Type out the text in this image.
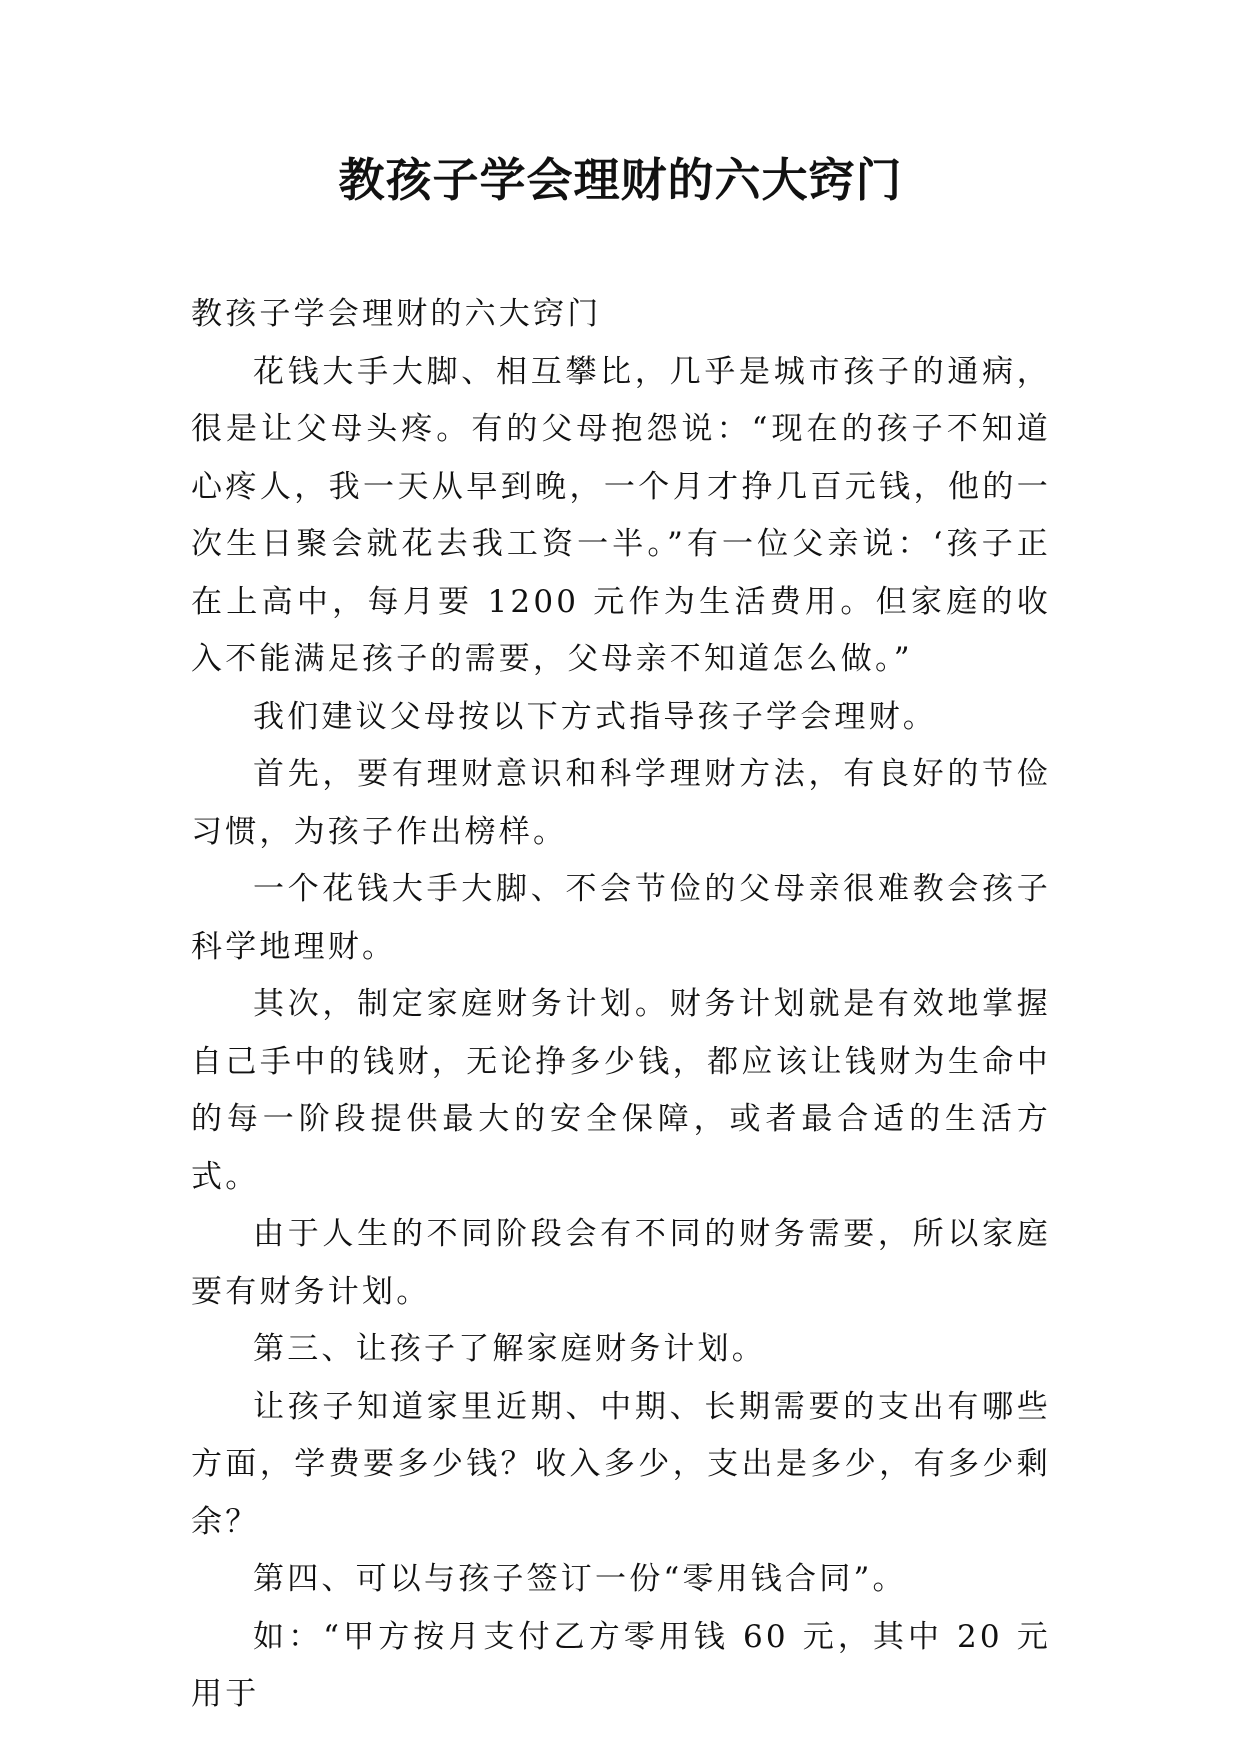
教孩子学会理财的六大窍门

教孩子学会理财的六大窍门

花钱大手大脚、相互攀比，几乎是城市孩子的通病，很是让父母头疼。有的父母抱怨说：“现在的孩子不知道心疼人，我一天从早到晚，一个月才挣几百元钱，他的一次生日聚会就花去我工资一半。”有一位父亲说：‘孩子正在上高中，每月要 1200 元作为生活费用。但家庭的收入不能满足孩子的需要，父母亲不知道怎么做。”

我们建议父母按以下方式指导孩子学会理财。

首先，要有理财意识和科学理财方法，有良好的节俭习惯，为孩子作出榜样。

一个花钱大手大脚、不会节俭的父母亲很难教会孩子科学地理财。

其次，制定家庭财务计划。财务计划就是有效地掌握自己手中的钱财，无论挣多少钱，都应该让钱财为生命中的每一阶段提供最大的安全保障，或者最合适的生活方式。

由于人生的不同阶段会有不同的财务需要，所以家庭要有财务计划。

第三、让孩子了解家庭财务计划。

让孩子知道家里近期、中期、长期需要的支出有哪些方面，学费要多少钱？收入多少，支出是多少，有多少剩余？

第四、可以与孩子签订一份“零用钱合同”。

如：“甲方按月支付乙方零用钱 60 元，其中 20 元用于
